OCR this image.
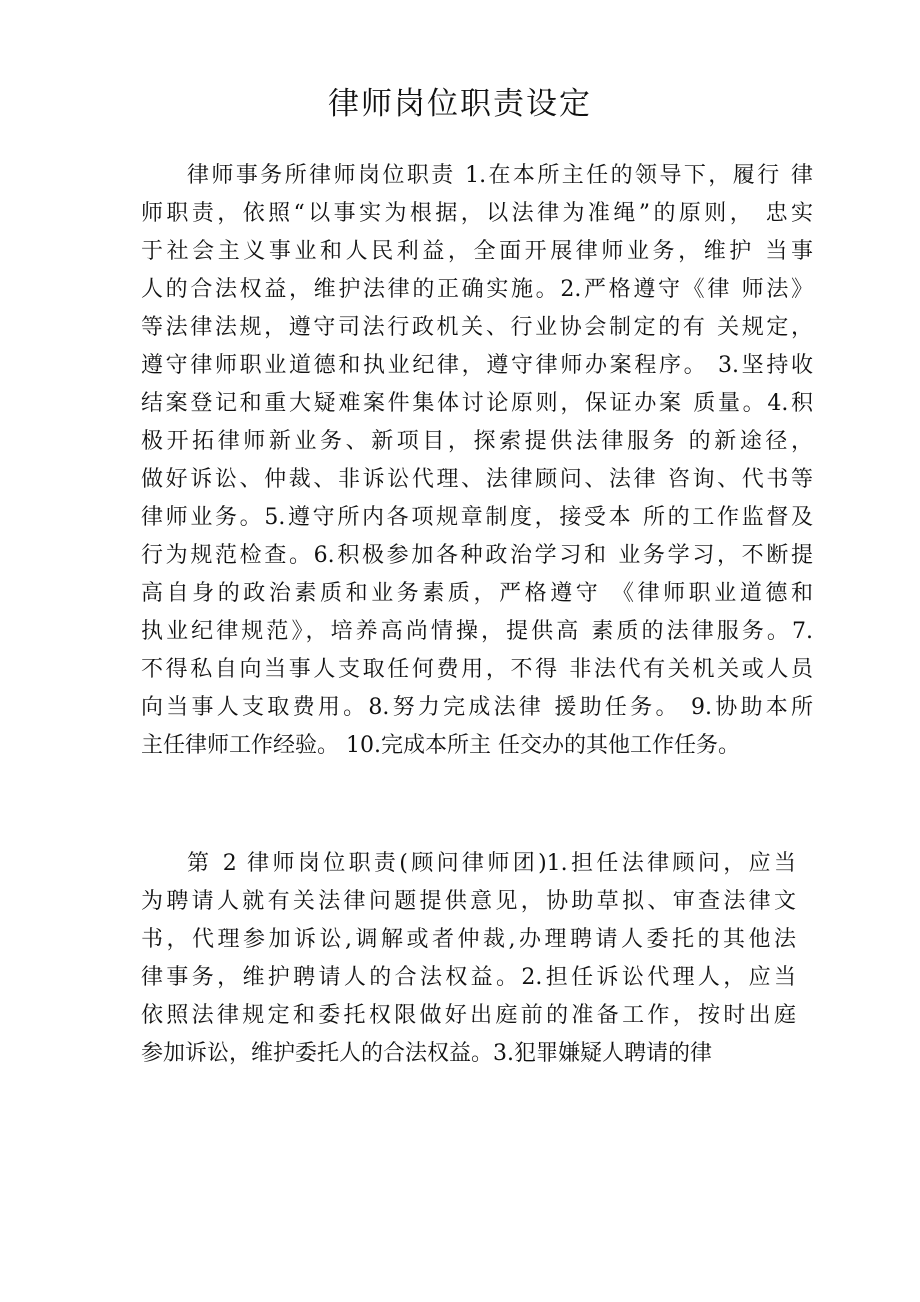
律师岗位职责设定
律师事务所律师岗位职责 1.在本所主任的领导下，履行 律
师职责，依照“以事实为根据，以法律为准绳”的原则， 忠实
于社会主义事业和人民利益，全面开展律师业务，维护 当事
人的合法权益，维护法律的正确实施。2.严格遵守《律 师法》
等法律法规，遵守司法行政机关、行业协会制定的有 关规定，
遵守律师职业道德和执业纪律，遵守律师办案程序。 3.坚持收
结案登记和重大疑难案件集体讨论原则，保证办案 质量。4.积
极开拓律师新业务、新项目，探索提供法律服务 的新途径，
做好诉讼、仲裁、非诉讼代理、法律顾问、法律 咨询、代书等
律师业务。5.遵守所内各项规章制度，接受本 所的工作监督及
行为规范检查。6.积极参加各种政治学习和 业务学习，不断提
高自身的政治素质和业务素质，严格遵守 《律师职业道德和
执业纪律规范》，培养高尚情操，提供高 素质的法律服务。7.
不得私自向当事人支取任何费用，不得 非法代有关机关或人员
向当事人支取费用。8.努力完成法律 援助任务。 9.协助本所
主任律师工作经验。 10.完成本所主 任交办的其他工作任务。
第 2 律师岗位职责(顾问律师团)1.担任法律顾问，应当
为聘请人就有关法律问题提供意见，协助草拟、审查法律文
书，代理参加诉讼,调解或者仲裁,办理聘请人委托的其他法
律事务，维护聘请人的合法权益。2.担任诉讼代理人，应当
依照法律规定和委托权限做好出庭前的准备工作，按时出庭
参加诉讼，维护委托人的合法权益。3.犯罪嫌疑人聘请的律
